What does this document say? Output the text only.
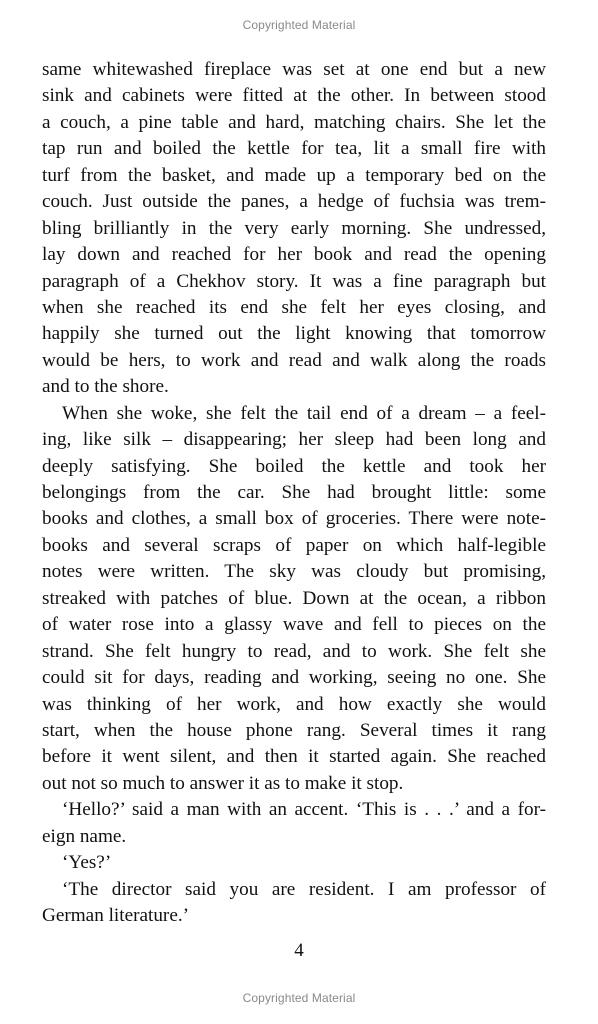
Copyrighted Material
same whitewashed fireplace was set at one end but a new
sink and cabinets were fitted at the other. In between stood
a couch, a pine table and hard, matching chairs. She let the
tap run and boiled the kettle for tea, lit a small fire with
turf from the basket, and made up a temporary bed on the
couch. Just outside the panes, a hedge of fuchsia was trem-
bling brilliantly in the very early morning. She undressed,
lay down and reached for her book and read the opening
paragraph of a Chekhov story. It was a fine paragraph but
when she reached its end she felt her eyes closing, and
happily she turned out the light knowing that tomorrow
would be hers, to work and read and walk along the roads
and to the shore.
When she woke, she felt the tail end of a dream – a feel-
ing, like silk – disappearing; her sleep had been long and
deeply satisfying. She boiled the kettle and took her
belongings from the car. She had brought little: some
books and clothes, a small box of groceries. There were note-
books and several scraps of paper on which half-legible
notes were written. The sky was cloudy but promising,
streaked with patches of blue. Down at the ocean, a ribbon
of water rose into a glassy wave and fell to pieces on the
strand. She felt hungry to read, and to work. She felt she
could sit for days, reading and working, seeing no one. She
was thinking of her work, and how exactly she would
start, when the house phone rang. Several times it rang
before it went silent, and then it started again. She reached
out not so much to answer it as to make it stop.
‘Hello?’ said a man with an accent. ‘This is . . .’ and a for-
eign name.
‘Yes?’
‘The director said you are resident. I am professor of
German literature.’
4
Copyrighted Material
